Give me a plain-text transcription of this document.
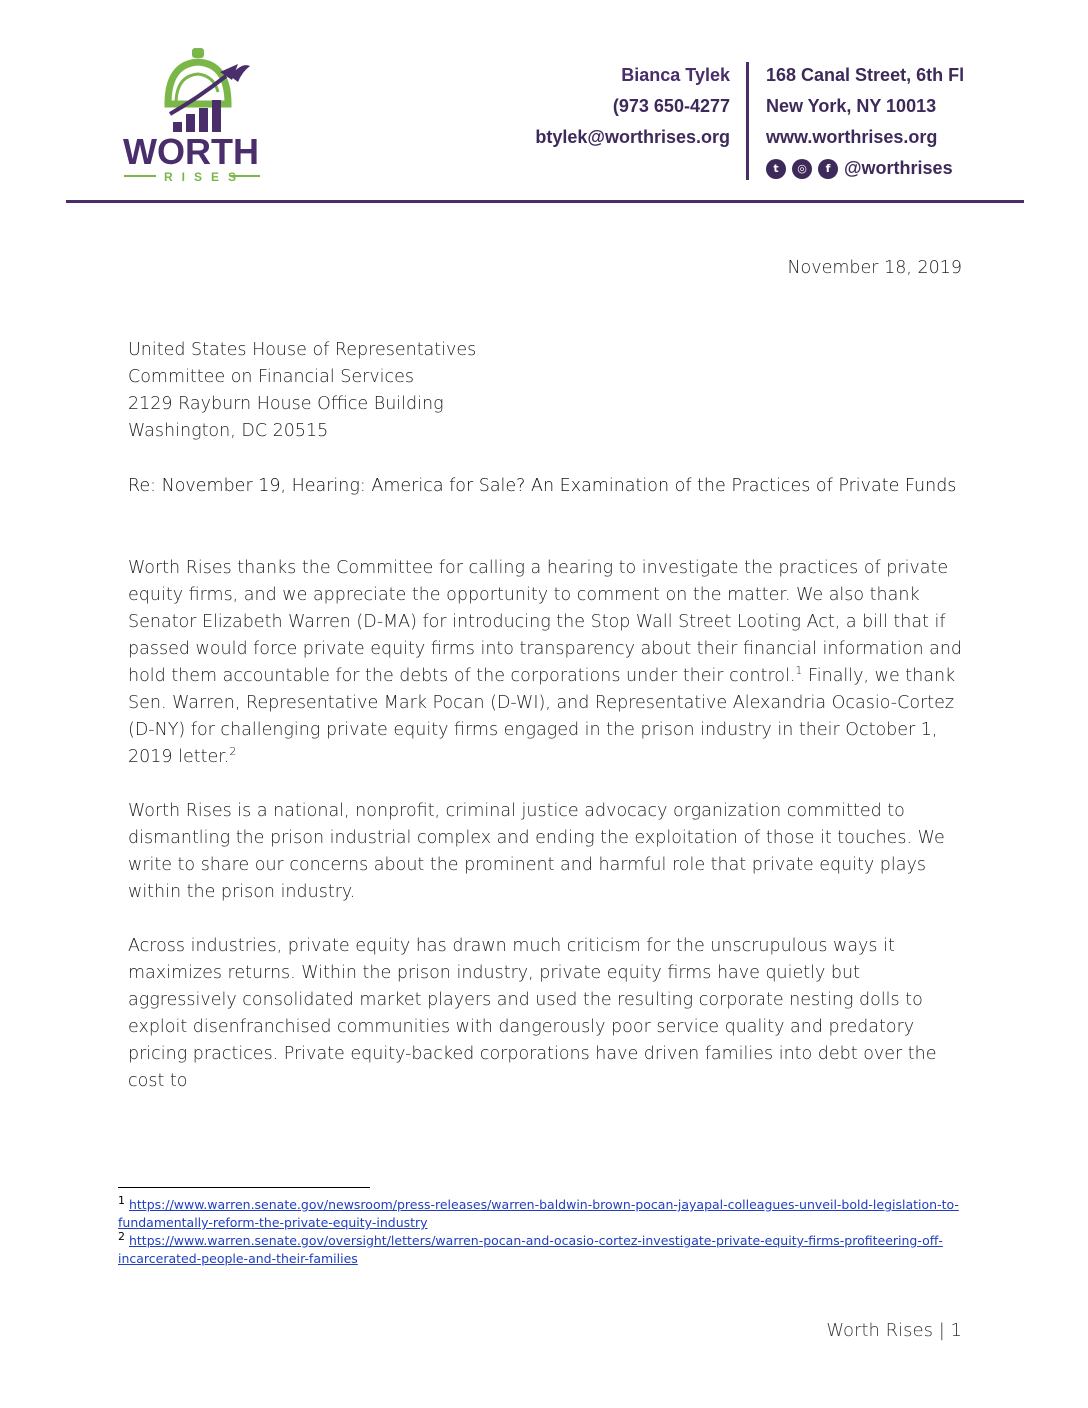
WORTH
RISES
Bianca Tylek
(973 650-4277
btylek@worthrises.org
168 Canal Street, 6th Fl
New York, NY 10013
www.worthrises.org
t	◎	f @worthrises
November 18, 2019
United States House of Representatives
Committee on Financial Services
2129 Rayburn House Office Building
Washington, DC 20515
Re: November 19, Hearing: America for Sale? An Examination of the Practices of Private Funds
Worth Rises thanks the Committee for calling a hearing to investigate the practices of private equity firms, and we appreciate the opportunity to comment on the matter. We also thank Senator Elizabeth Warren (D-MA) for introducing the Stop Wall Street Looting Act, a bill that if passed would force private equity firms into transparency about their financial information and hold them accountable for the debts of the corporations under their control.$^1$ Finally, we thank Sen. Warren, Representative Mark Pocan (D-WI), and Representative Alexandria Ocasio-Cortez (D-NY) for challenging private equity firms engaged in the prison industry in their October 1, 2019 letter.$^2$
Worth Rises is a national, nonprofit, criminal justice advocacy organization committed to dismantling the prison industrial complex and ending the exploitation of those it touches. We write to share our concerns about the prominent and harmful role that private equity plays within the prison industry.
Across industries, private equity has drawn much criticism for the unscrupulous ways it maximizes returns. Within the prison industry, private equity firms have quietly but aggressively consolidated market players and used the resulting corporate nesting dolls to exploit disenfranchised communities with dangerously poor service quality and predatory pricing practices. Private equity-backed corporations have driven families into debt over the cost to
$^1$ https://www.warren.senate.gov/newsroom/press-releases/warren-baldwin-brown-pocan-jayapal-colleagues-unveil-bold-legislation-to-fundamentally-reform-the-private-equity-industry
$^2$ https://www.warren.senate.gov/oversight/letters/warren-pocan-and-ocasio-cortez-investigate-private-equity-firms-profiteering-off-incarcerated-people-and-their-families
Worth Rises | 1
